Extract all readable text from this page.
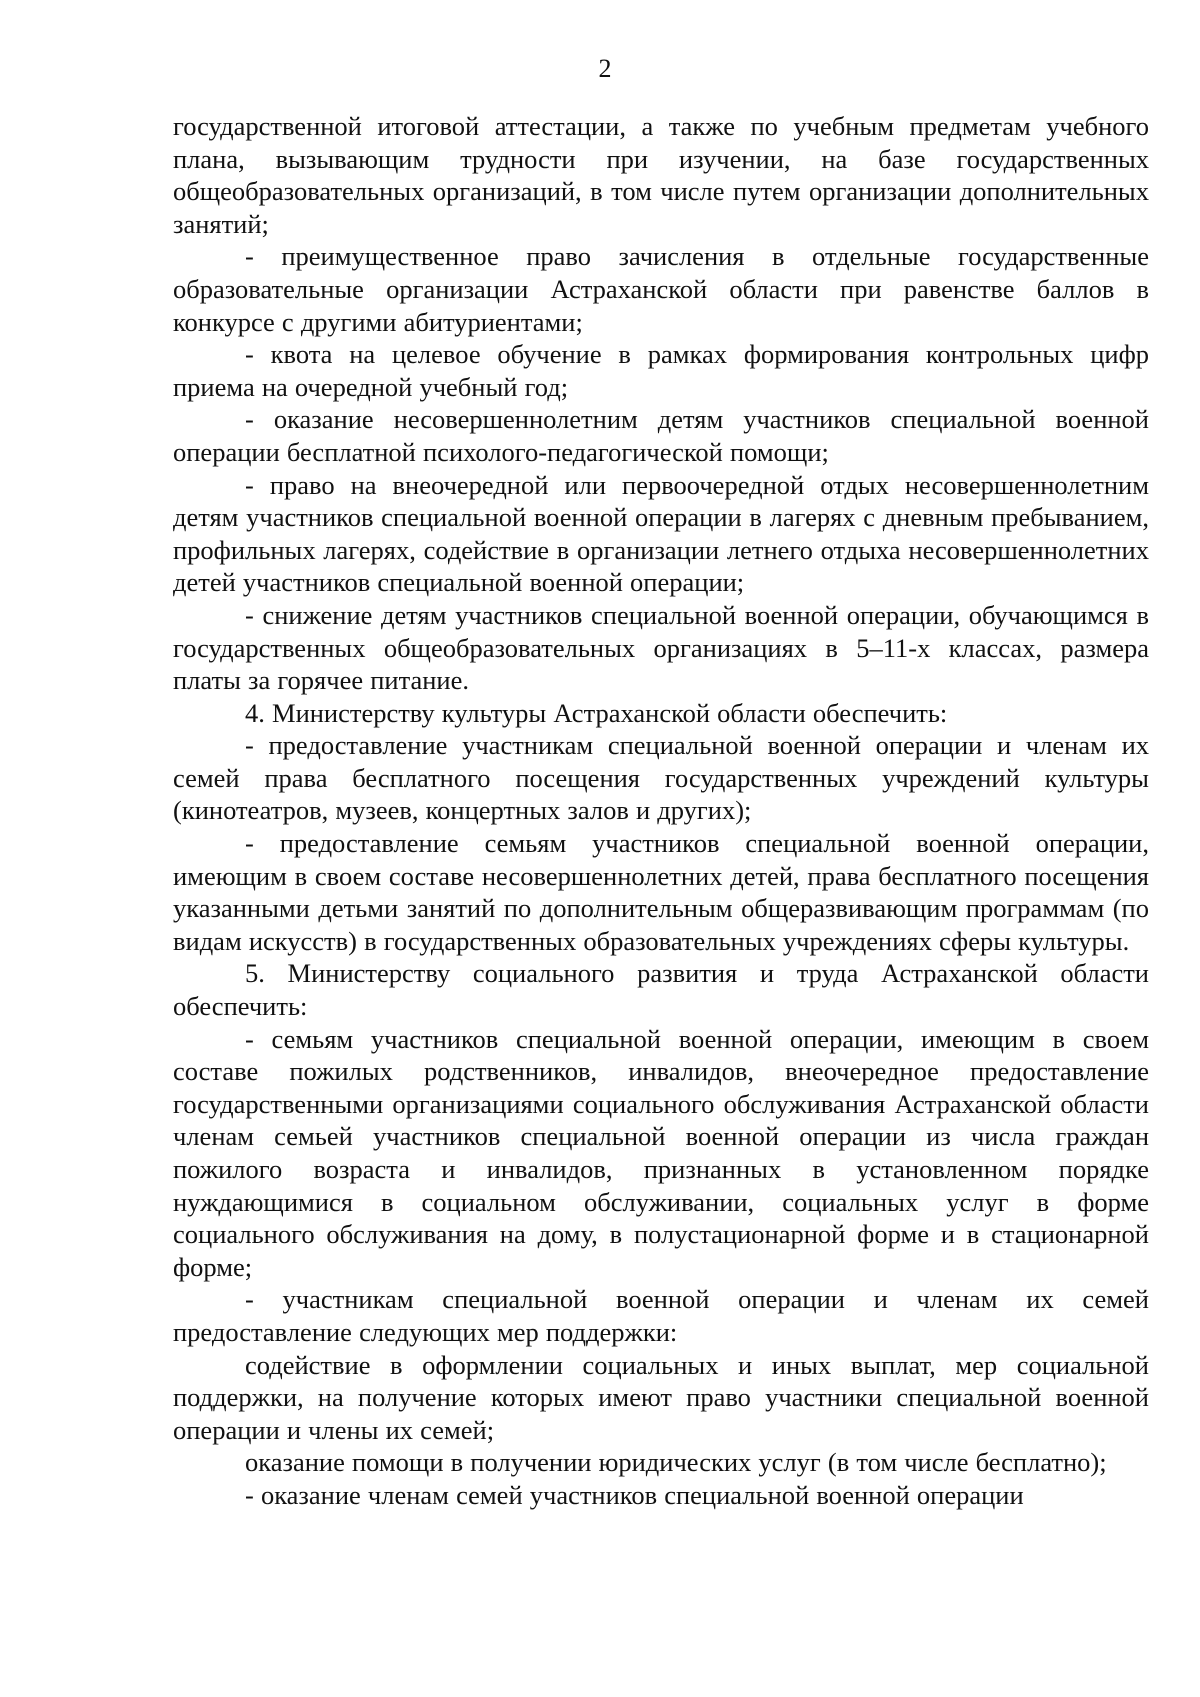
2

государственной итоговой аттестации, а также по учебным предметам учебного плана, вызывающим трудности при изучении, на базе государственных общеобразовательных организаций, в том числе путем организации дополнительных занятий;

- преимущественное право зачисления в отдельные государственные образовательные организации Астраханской области при равенстве баллов в конкурсе с другими абитуриентами;

- квота на целевое обучение в рамках формирования контрольных цифр приема на очередной учебный год;

- оказание несовершеннолетним детям участников специальной военной операции бесплатной психолого-педагогической помощи;

- право на внеочередной или первоочередной отдых несовершеннолетним детям участников специальной военной операции в лагерях с дневным пребыванием, профильных лагерях, содействие в организации летнего отдыха несовершеннолетних детей участников специальной военной операции;

- снижение детям участников специальной военной операции, обучающимся в государственных общеобразовательных организациях в 5–11-х классах, размера платы за горячее питание.

4. Министерству культуры Астраханской области обеспечить:

- предоставление участникам специальной военной операции и членам их семей права бесплатного посещения государственных учреждений культуры (кинотеатров, музеев, концертных залов и других);

- предоставление семьям участников специальной военной операции, имеющим в своем составе несовершеннолетних детей, права бесплатного посещения указанными детьми занятий по дополнительным общеразвивающим программам (по видам искусств) в государственных образовательных учреждениях сферы культуры.

5. Министерству социального развития и труда Астраханской области обеспечить:

- семьям участников специальной военной операции, имеющим в своем составе пожилых родственников, инвалидов, внеочередное предоставление государственными организациями социального обслуживания Астраханской области членам семьей участников специальной военной операции из числа граждан пожилого возраста и инвалидов, признанных в установленном порядке нуждающимися в социальном обслуживании, социальных услуг в форме социального обслуживания на дому, в полустационарной форме и в стационарной форме;

- участникам специальной военной операции и членам их семей предоставление следующих мер поддержки:

содействие в оформлении социальных и иных выплат, мер социальной поддержки, на получение которых имеют право участники специальной военной операции и члены их семей;

оказание помощи в получении юридических услуг (в том числе бесплатно);

- оказание членам семей участников специальной военной операции
